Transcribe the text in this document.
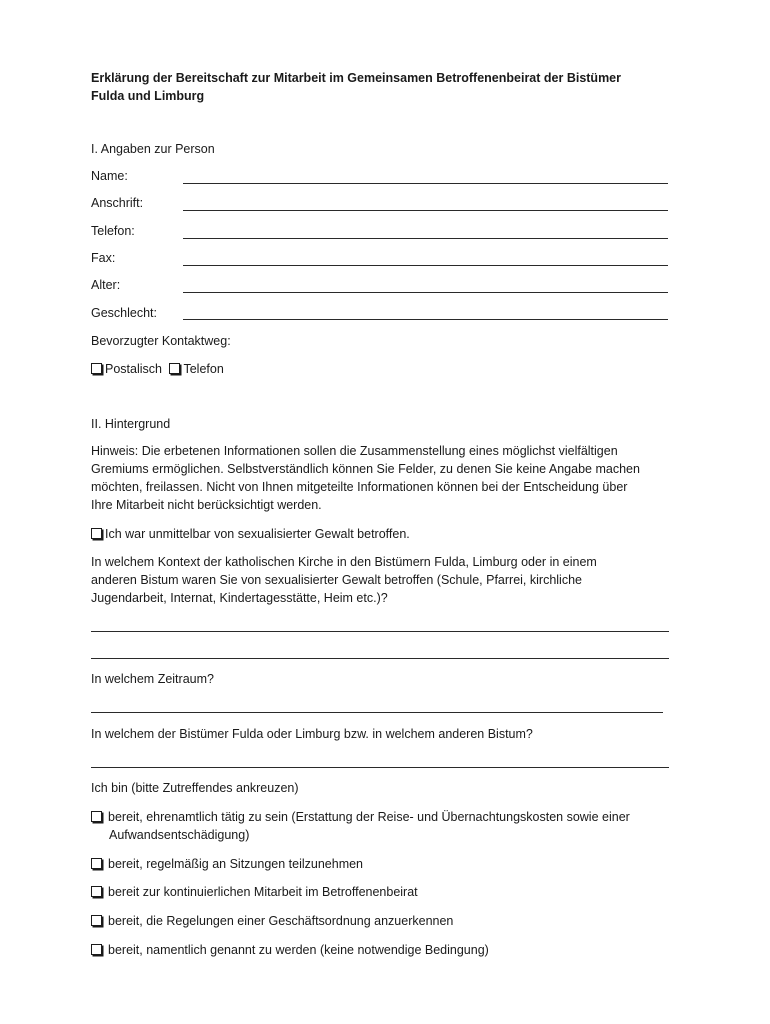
Erklärung der Bereitschaft zur Mitarbeit im Gemeinsamen Betroffenenbeirat der Bistümer
Fulda und Limburg
I. Angaben zur Person
Name:
Anschrift:
Telefon:
Fax:
Alter:
Geschlecht:
Bevorzugter Kontaktweg:
Postalisch Telefon
II. Hintergrund
Hinweis: Die erbetenen Informationen sollen die Zusammenstellung eines möglichst vielfältigen
Gremiums ermöglichen. Selbstverständlich können Sie Felder, zu denen Sie keine Angabe machen
möchten, freilassen. Nicht von Ihnen mitgeteilte Informationen können bei der Entscheidung über
Ihre Mitarbeit nicht berücksichtigt werden.
Ich war unmittelbar von sexualisierter Gewalt betroffen.
In welchem Kontext der katholischen Kirche in den Bistümern Fulda, Limburg oder in einem
anderen Bistum waren Sie von sexualisierter Gewalt betroffen (Schule, Pfarrei, kirchliche
Jugendarbeit, Internat, Kindertagesstätte, Heim etc.)?
In welchem Zeitraum?
In welchem der Bistümer Fulda oder Limburg bzw. in welchem anderen Bistum?
Ich bin (bitte Zutreffendes ankreuzen)
bereit, ehrenamtlich tätig zu sein (Erstattung der Reise- und Übernachtungskosten sowie einer
Aufwandsentschädigung)
bereit, regelmäßig an Sitzungen teilzunehmen
bereit zur kontinuierlichen Mitarbeit im Betroffenenbeirat
bereit, die Regelungen einer Geschäftsordnung anzuerkennen
bereit, namentlich genannt zu werden (keine notwendige Bedingung)
